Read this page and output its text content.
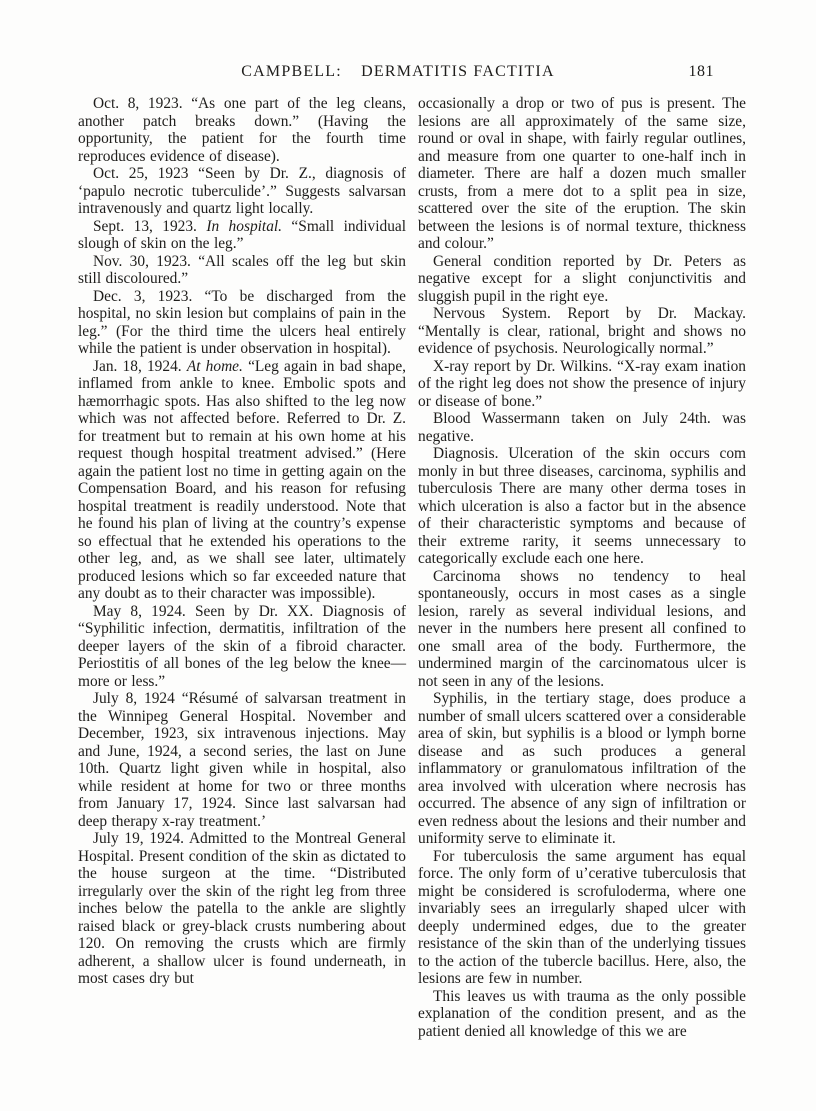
CAMPBELL: DERMATITIS FACTITIA	181

Oct. 8, 1923. “As one part of the leg cleans, another patch breaks down.” (Having the opportunity, the patient for the fourth time reproduces evidence of disease).

Oct. 25, 1923 “Seen by Dr. Z., diagnosis of ‘papulo necrotic tuberculide’.” Suggests salvarsan intravenously and quartz light locally.

Sept. 13, 1923. In hospital. “Small individual slough of skin on the leg.”

Nov. 30, 1923. “All scales off the leg but skin still discoloured.”

Dec. 3, 1923. “To be discharged from the hospital, no skin lesion but complains of pain in the leg.” (For the third time the ulcers heal entirely while the patient is under observation in hospital).

Jan. 18, 1924. At home. “Leg again in bad shape, inflamed from ankle to knee. Embolic spots and hæmorrhagic spots. Has also shifted to the leg now which was not affected before. Referred to Dr. Z. for treatment but to remain at his own home at his request though hospital treatment advised.” (Here again the patient lost no time in getting again on the Compensation Board, and his reason for refusing hospital treatment is readily understood. Note that he found his plan of living at the country’s expense so effectual that he extended his operations to the other leg, and, as we shall see later, ultimately produced lesions which so far exceeded nature that any doubt as to their character was impossible).

May 8, 1924. Seen by Dr. XX. Diagnosis of “Syphilitic infection, dermatitis, infiltration of the deeper layers of the skin of a fibroid character. Periostitis of all bones of the leg below the knee—more or less.”

July 8, 1924 “Résumé of salvarsan treatment in the Winnipeg General Hospital. November and December, 1923, six intravenous injections. May and June, 1924, a second series, the last on June 10th. Quartz light given while in hospital, also while resident at home for two or three months from January 17, 1924. Since last salvarsan had deep therapy x-ray treatment.’

July 19, 1924. Admitted to the Montreal General Hospital. Present condition of the skin as dictated to the house surgeon at the time. “Distributed irregularly over the skin of the right leg from three inches below the patella to the ankle are slightly raised black or grey-black crusts numbering about 120. On removing the crusts which are firmly adherent, a shallow ulcer is found underneath, in most cases dry but

occasionally a drop or two of pus is present. The lesions are all approximately of the same size, round or oval in shape, with fairly regular outlines, and measure from one quarter to one-half inch in diameter. There are half a dozen much smaller crusts, from a mere dot to a split pea in size, scattered over the site of the eruption. The skin between the lesions is of normal texture, thickness and colour.”

General condition reported by Dr. Peters as negative except for a slight conjunctivitis and sluggish pupil in the right eye.

Nervous System. Report by Dr. Mackay. “Mentally is clear, rational, bright and shows no evidence of psychosis. Neurologically normal.”

X-ray report by Dr. Wilkins. “X-ray exam ination of the right leg does not show the presence of injury or disease of bone.”

Blood Wassermann taken on July 24th. was negative.

Diagnosis. Ulceration of the skin occurs com monly in but three diseases, carcinoma, syphilis and tuberculosis There are many other derma toses in which ulceration is also a factor but in the absence of their characteristic symptoms and because of their extreme rarity, it seems unnecessary to categorically exclude each one here.

Carcinoma shows no tendency to heal spontaneously, occurs in most cases as a single lesion, rarely as several individual lesions, and never in the numbers here present all confined to one small area of the body. Furthermore, the undermined margin of the carcinomatous ulcer is not seen in any of the lesions.

Syphilis, in the tertiary stage, does produce a number of small ulcers scattered over a considerable area of skin, but syphilis is a blood or lymph borne disease and as such produces a general inflammatory or granulomatous infiltration of the area involved with ulceration where necrosis has occurred. The absence of any sign of infiltration or even redness about the lesions and their number and uniformity serve to eliminate it.

For tuberculosis the same argument has equal force. The only form of u’cerative tuberculosis that might be considered is scrofuloderma, where one invariably sees an irregularly shaped ulcer with deeply undermined edges, due to the greater resistance of the skin than of the underlying tissues to the action of the tubercle bacillus. Here, also, the lesions are few in number.

This leaves us with trauma as the only possible explanation of the condition present, and as the patient denied all knowledge of this we are
